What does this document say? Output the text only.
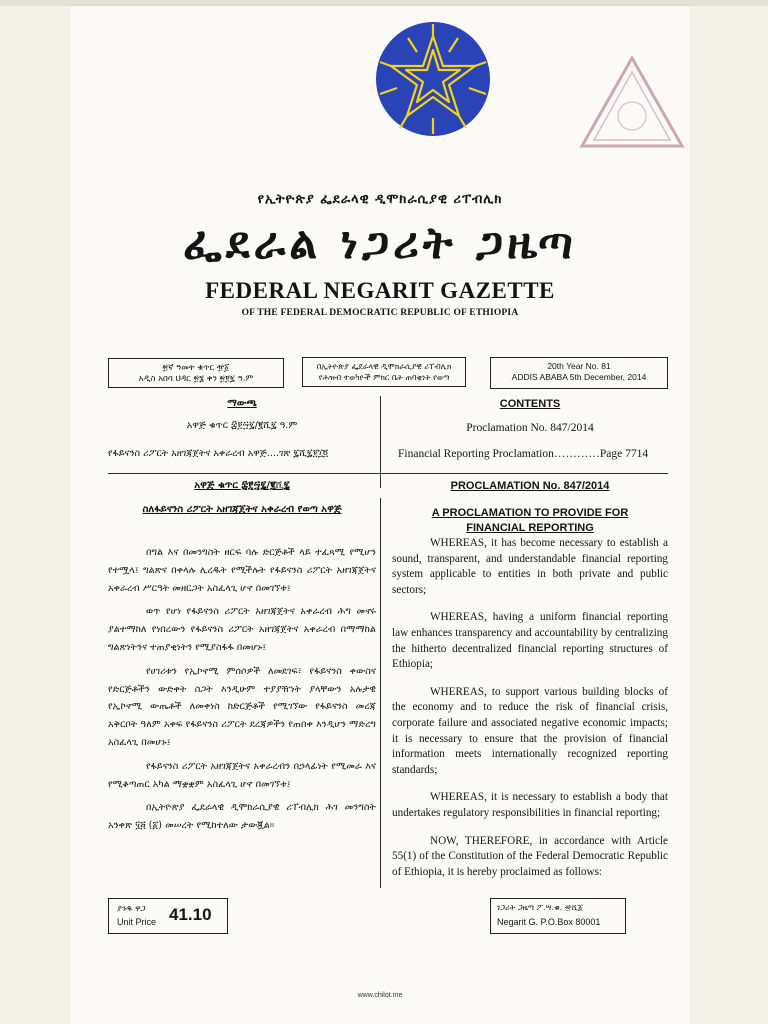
የኢትዮጵያ ፌደራላዊ ዲሞክራሲያዊ ሪፐብሊክ
ፌደራል ነጋሪት ጋዜጣ
FEDERAL NEGARIT GAZETTE
OF THE FEDERAL DEMOCRATIC REPUBLIC OF ETHIOPIA
፳ኛ ዓመት ቁጥር ፹፩
አዲስ አበባ ህዳር ፳፮ ቀን ፳፻፯ ዓ.ም
በኢትዮጵያ ፌደራላዊ ዲሞክራሲያዊ ሪፐብሊክ
የሕዝብ ተወካዮች ምክር ቤት ጠባቂነት የወጣ
20th Year No. 81
ADDIS ABABA 5th December, 2014
ማውጫ	CONTENTS
አዋጅ ቁጥር ፰፻፵፯/፪ሺ፯ ዓ.ም	Proclamation No. 847/2014
የፋይናንስ ሪፖርት አዘገጃጀትና አቀራረብ አዋጅ....ገጽ ፯ሺ፯፻፲፬	Financial Reporting Proclamation…………Page 7714
አዋጅ ቁጥር ፰፻፵፯/፪ሺ፯	PROCLAMATION No. 847/2014
ስለፋይናንስ ሪፖርት አዘገጃጀትና አቀራረብ የወጣ አዋጅ	A PROCLAMATION TO PROVIDE FOR
FINANCIAL REPORTING

በግል እና በመንግስት ዘርፍ ባሉ ድርጅቶች ላይ ተፈጻሚ የሚሆን የተሟላ፤ ግልጽና በቀላሉ ሊረዱት የሚችሉት የፋይናንስ ሪፖርት አዘገጃጀትና አቀራረብ ሥርዓት መዘርጋት አስፈላጊ ሆኖ በመገኘቱ፤

ወጥ የሆነ የፋይናንስ ሪፖርት አዘገጃጀትና አቀራረብ ሕግ መኖሩ ያልተማከለ የነበረውን የፋይናንስ ሪፖርት አዘገጃጀትና አቀራረብ በማማከል ግልጽነትንና ተጠያቂነትን የሚያስፋፋ በመሆኑ፤

የሀገሪቱን የኢኮኖሚ ምሰሶዎች ለመደገፍ፣ የፋይናንስ ቀውስና የድርጅቶችን ውድቀት ስጋት እንዲሁም ተያያዥነት ያላቸውን አሉታዊ የኢኮኖሚ ውጤቶች ለመቀነስ ከድርጅቶች የሚገኘው የፋይናንስ መረጃ አቅርቦት ዓለም አቀፍ የፋይናንስ ሪፖርት ደረጃዎችን የጠበቀ እንዲሆን ማድረግ አስፈላጊ በመሆኑ፤

የፋይናንስ ሪፖርት አዘገጃጀትና አቀራረብን በኃላፊነት የሚመራ እና የሚቆጣጠር አካል ማቋቋም አስፈላጊ ሆኖ በመገኘቱ፤

በኢትዮጵያ ፌደራላዊ ዲሞክራሲያዊ ሪፐብሊክ ሕገ መንግስት አንቀጽ ፶፭ (፩) መሠረት የሚከተለው ታውጇል።

WHEREAS, it has become necessary to establish a sound, transparent, and understandable financial reporting system applicable to entities in both private and public sectors;

WHEREAS, having a uniform financial reporting law enhances transparency and accountability by centralizing the hitherto decentralized financial reporting structures of Ethiopia;

WHEREAS, to support various building blocks of the economy and to reduce the risk of financial crisis, corporate failure and associated negative economic impacts; it is necessary to ensure that the provision of financial information meets internationally recognized reporting standards;

WHEREAS, it is necessary to establish a body that undertakes regulatory responsibilities in financial reporting;

NOW, THEREFORE, in accordance with Article 55(1) of the Constitution of the Federal Democratic Republic of Ethiopia, it is hereby proclaimed as follows:

ያንዱ ዋጋ
Unit Price 41.10	ነጋሪት ጋዜጣ ፖ.ሣ.ቁ. ፹ሺ፩
Negarit G. P.O.Box 80001
www.chilot.me
